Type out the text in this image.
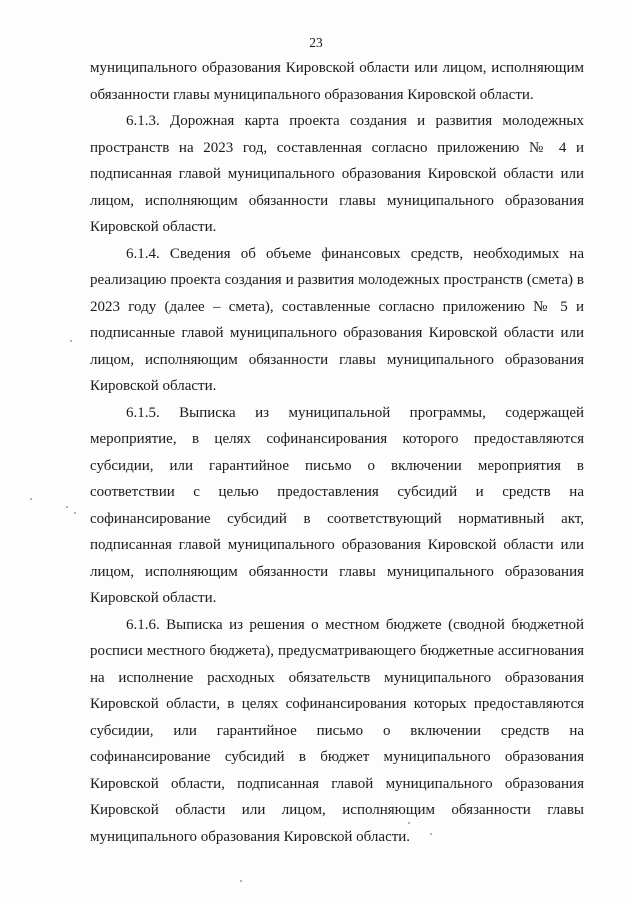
23

муниципального образования Кировской области или лицом, исполняющим обязанности главы муниципального образования Кировской области.

6.1.3. Дорожная карта проекта создания и развития молодежных пространств на 2023 год, составленная согласно приложению № 4 и подписанная главой муниципального образования Кировской области или лицом, исполняющим обязанности главы муниципального образования Кировской области.

6.1.4. Сведения об объеме финансовых средств, необходимых на реализацию проекта создания и развития молодежных пространств (смета) в 2023 году (далее – смета), составленные согласно приложению № 5 и подписанные главой муниципального образования Кировской области или лицом, исполняющим обязанности главы муниципального образования Кировской области.

6.1.5. Выписка из муниципальной программы, содержащей мероприятие, в целях софинансирования которого предоставляются субсидии, или гарантийное письмо о включении мероприятия в соответствии с целью предоставления субсидий и средств на софинансирование субсидий в соответствующий нормативный акт, подписанная главой муниципального образования Кировской области или лицом, исполняющим обязанности главы муниципального образования Кировской области.

6.1.6. Выписка из решения о местном бюджете (сводной бюджетной росписи местного бюджета), предусматривающего бюджетные ассигнования на исполнение расходных обязательств муниципального образования Кировской области, в целях софинансирования которых предоставляются субсидии, или гарантийное письмо о включении средств на софинансирование субсидий в бюджет муниципального образования Кировской области, подписанная главой муниципального образования Кировской области или лицом, исполняющим обязанности главы муниципального образования Кировской области.
